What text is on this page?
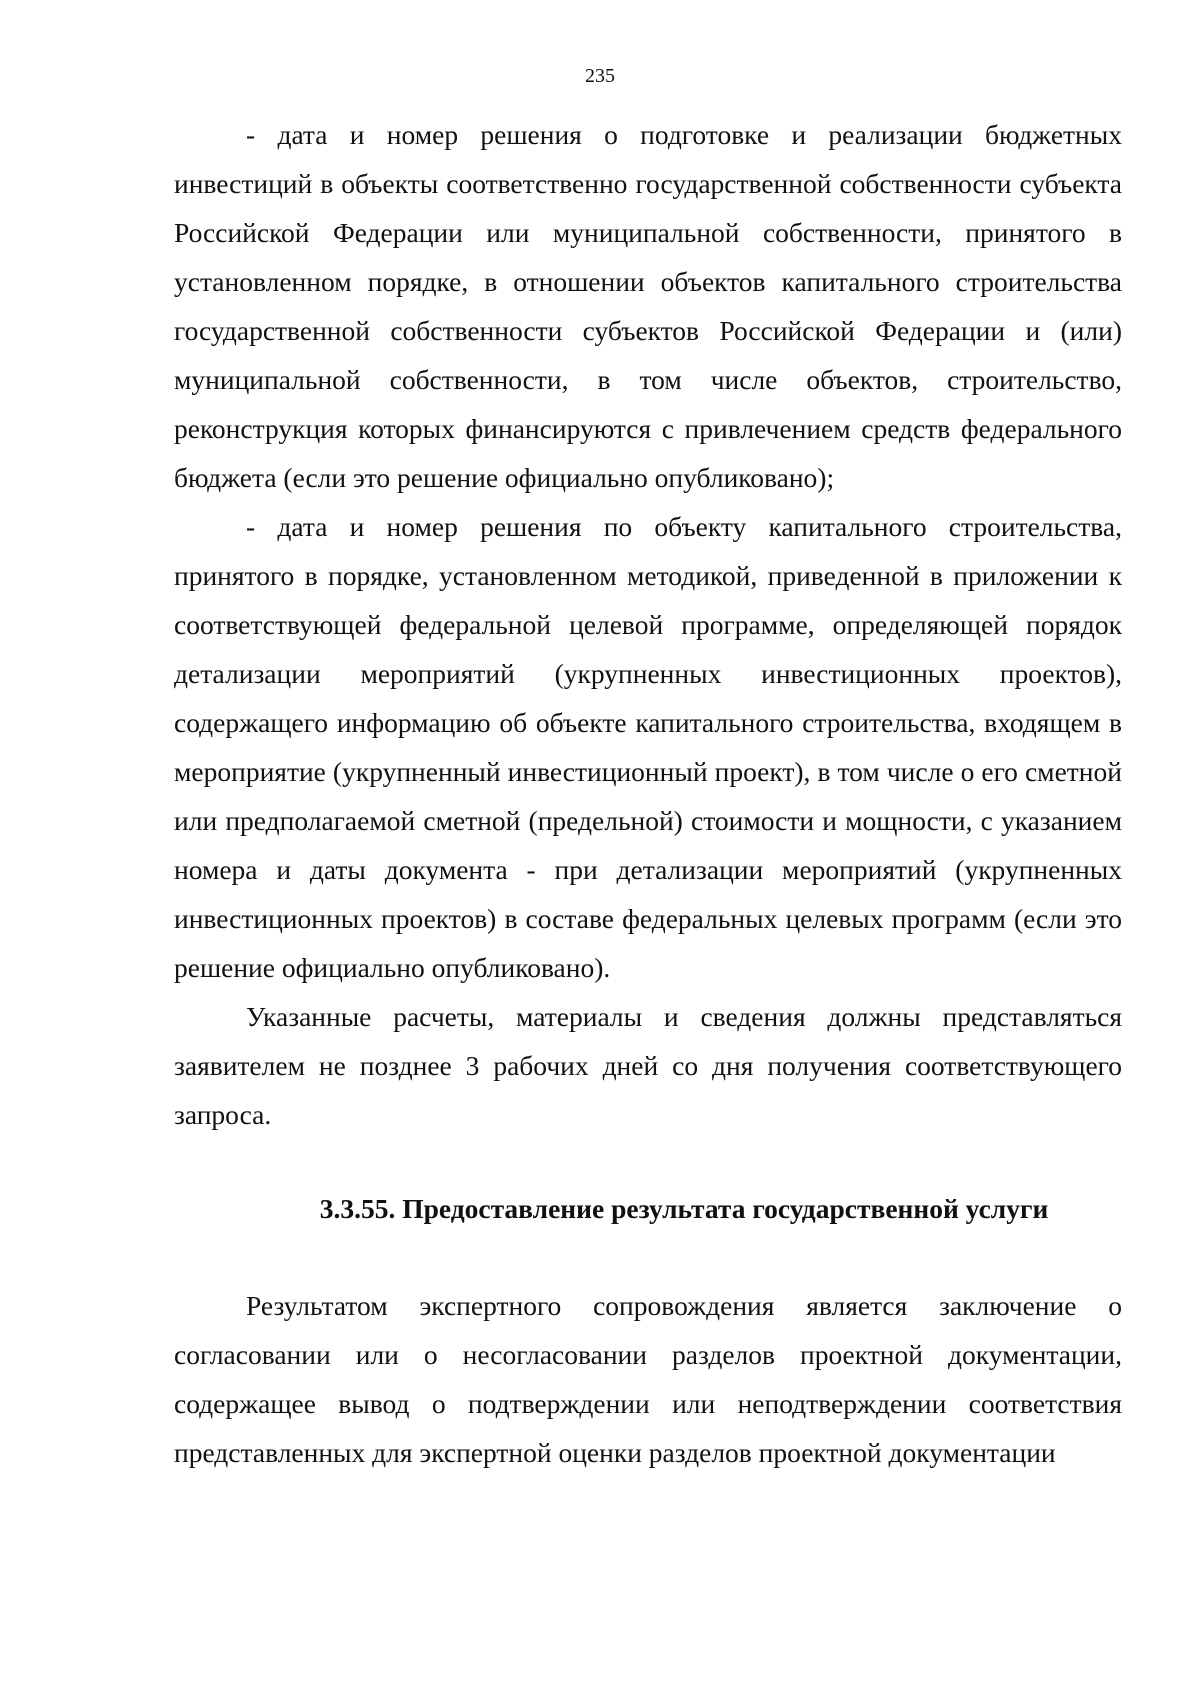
235

- дата и номер решения о подготовке и реализации бюджетных инвестиций в объекты соответственно государственной собственности субъекта Российской Федерации или муниципальной собственности, принятого в установленном порядке, в отношении объектов капитального строительства государственной собственности субъектов Российской Федерации и (или) муниципальной собственности, в том числе объектов, строительство, реконструкция которых финансируются с привлечением средств федерального бюджета (если это решение официально опубликовано);

- дата и номер решения по объекту капитального строительства, принятого в порядке, установленном методикой, приведенной в приложении к соответствующей федеральной целевой программе, определяющей порядок детализации мероприятий (укрупненных инвестиционных проектов), содержащего информацию об объекте капитального строительства, входящем в мероприятие (укрупненный инвестиционный проект), в том числе о его сметной или предполагаемой сметной (предельной) стоимости и мощности, с указанием номера и даты документа - при детализации мероприятий (укрупненных инвестиционных проектов) в составе федеральных целевых программ (если это решение официально опубликовано).

Указанные расчеты, материалы и сведения должны представляться заявителем не позднее 3 рабочих дней со дня получения соответствующего запроса.

3.3.55. Предоставление результата государственной услуги

Результатом экспертного сопровождения является заключение о согласовании или о несогласовании разделов проектной документации, содержащее вывод о подтверждении или неподтверждении соответствия представленных для экспертной оценки разделов проектной документации
